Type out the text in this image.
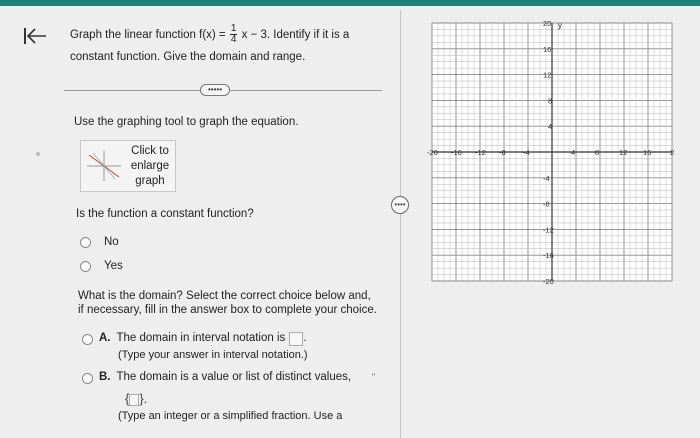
Graph the linear function $f(x) = \frac{1}{4}$ x − 3. Identify if it is a
constant function. Give the domain and range.
•••••
Use the graphing tool to graph the equation.
Click to
enlarge
graph
Is the function a constant function?
No
Yes
What is the domain? Select the correct choice below and,
if necessary, fill in the answer box to complete your choice.
A. The domain in interval notation is .
(Type your answer in interval notation.)
B. The domain is a value or list of distinct values,
{ }.
(Type an integer or a simplified fraction. Use a
"
••••
y
-20 -16 -12 -8 -4	4	8	12 16 2
20
16
12
8
4
-4
-8
-12
-16
-20
